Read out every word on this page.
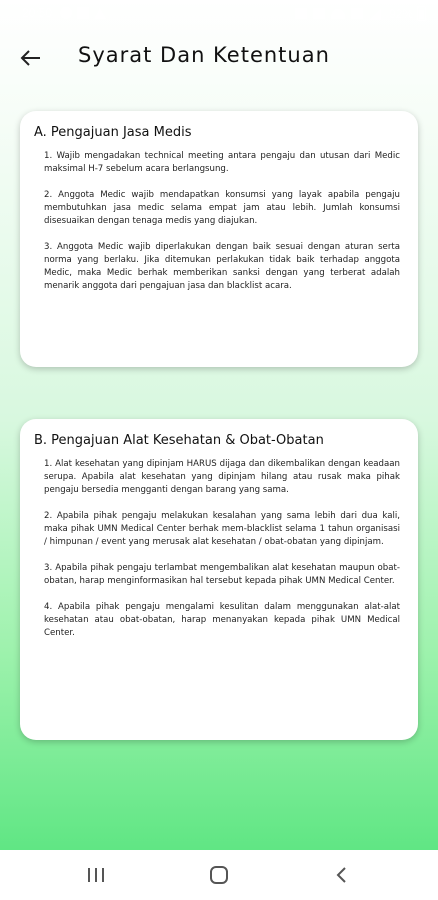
20:50	92%
Syarat Dan Ketentuan
A. Pengajuan Jasa Medis
1. Wajib mengadakan technical meeting antara pengaju dan utusan dari Medic maksimal H-7 sebelum acara berlangsung.
2. Anggota Medic wajib mendapatkan konsumsi yang layak apabila pengaju membutuhkan jasa medic selama empat jam atau lebih. Jumlah konsumsi disesuaikan dengan tenaga medis yang diajukan.
3. Anggota Medic wajib diperlakukan dengan baik sesuai dengan aturan serta norma yang berlaku. Jika ditemukan perlakukan tidak baik terhadap anggota Medic, maka Medic berhak memberikan sanksi dengan yang terberat adalah menarik anggota dari pengajuan jasa dan blacklist acara.
B. Pengajuan Alat Kesehatan & Obat-Obatan
1. Alat kesehatan yang dipinjam HARUS dijaga dan dikembalikan dengan keadaan serupa. Apabila alat kesehatan yang dipinjam hilang atau rusak maka pihak pengaju bersedia mengganti dengan barang yang sama.
2. Apabila pihak pengaju melakukan kesalahan yang sama lebih dari dua kali, maka pihak UMN Medical Center berhak mem-blacklist selama 1 tahun organisasi / himpunan / event yang merusak alat kesehatan / obat-obatan yang dipinjam.
3. Apabila pihak pengaju terlambat mengembalikan alat kesehatan maupun obat-obatan, harap menginformasikan hal tersebut kepada pihak UMN Medical Center.
4. Apabila pihak pengaju mengalami kesulitan dalam menggunakan alat-alat kesehatan atau obat-obatan, harap menanyakan kepada pihak UMN Medical Center.
